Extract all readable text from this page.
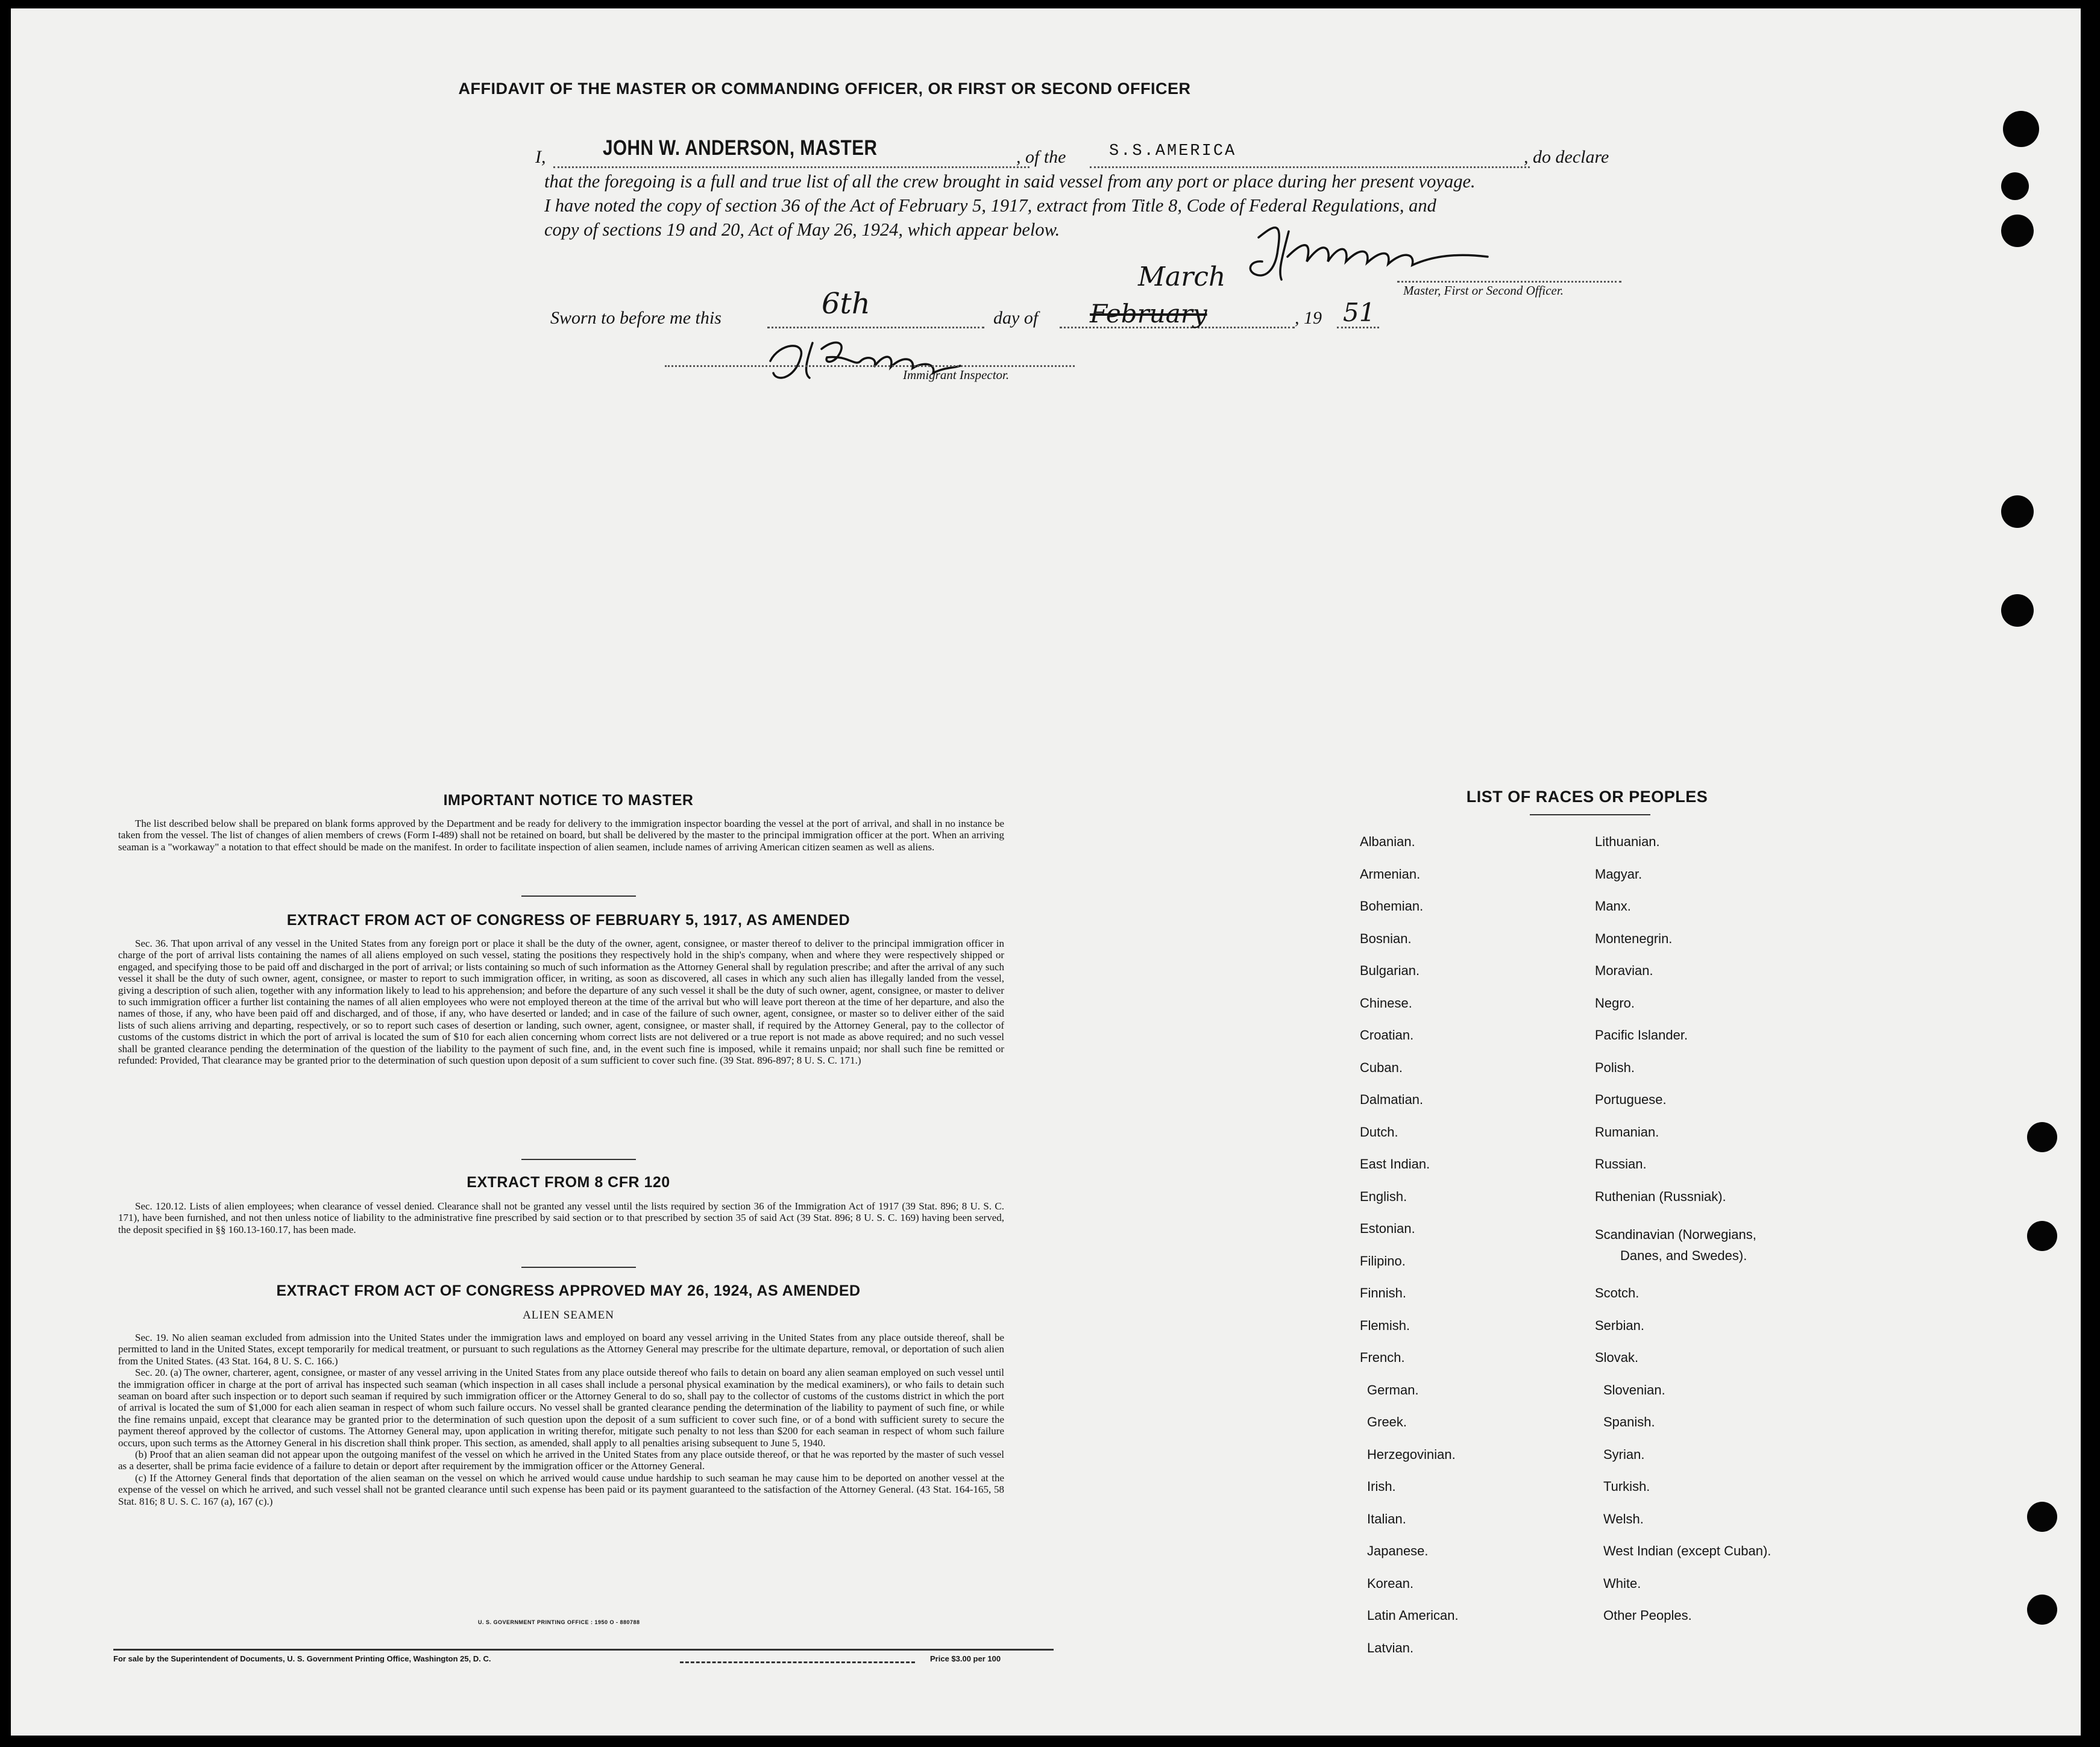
AFFIDAVIT OF THE MASTER OR COMMANDING OFFICER, OR FIRST OR SECOND OFFICER
I,	JOHN W. ANDERSON, MASTER	, of the	S.S.AMERICA	, do declare
that the foregoing is a full and true list of all the crew brought in said vessel from any port or place during her present voyage.
I have noted the copy of section 36 of the Act of February 5, 1917, extract from Title 8, Code of Federal Regulations, and
copy of sections 19 and 20, Act of May 26, 1924, which appear below.
Master, First or Second Officer.
Sworn to before me this	6th	day of
March
February	, 19 51
Immigrant Inspector.
IMPORTANT NOTICE TO MASTER

The list described below shall be prepared on blank forms approved by the Department and be ready for delivery to the immigration inspector boarding the vessel at the port of arrival, and shall in no instance be taken from the vessel. The list of changes of alien members of crews (Form I-489) shall not be retained on board, but shall be delivered by the master to the principal immigration officer at the port. When an arriving seaman is a "workaway" a notation to that effect should be made on the manifest. In order to facilitate inspection of alien seamen, include names of arriving American citizen seamen as well as aliens.

EXTRACT FROM ACT OF CONGRESS OF FEBRUARY 5, 1917, AS AMENDED

Sec. 36. That upon arrival of any vessel in the United States from any foreign port or place it shall be the duty of the owner, agent, consignee, or master thereof to deliver to the principal immigration officer in charge of the port of arrival lists containing the names of all aliens employed on such vessel, stating the positions they respectively hold in the ship's company, when and where they were respectively shipped or engaged, and specifying those to be paid off and discharged in the port of arrival; or lists containing so much of such information as the Attorney General shall by regulation prescribe; and after the arrival of any such vessel it shall be the duty of such owner, agent, consignee, or master to report to such immigration officer, in writing, as soon as discovered, all cases in which any such alien has illegally landed from the vessel, giving a description of such alien, together with any information likely to lead to his apprehension; and before the departure of any such vessel it shall be the duty of such owner, agent, consignee, or master to deliver to such immigration officer a further list containing the names of all alien employees who were not employed thereon at the time of the arrival but who will leave port thereon at the time of her departure, and also the names of those, if any, who have been paid off and discharged, and of those, if any, who have deserted or landed; and in case of the failure of such owner, agent, consignee, or master so to deliver either of the said lists of such aliens arriving and departing, respectively, or so to report such cases of desertion or landing, such owner, agent, consignee, or master shall, if required by the Attorney General, pay to the collector of customs of the customs district in which the port of arrival is located the sum of $10 for each alien concerning whom correct lists are not delivered or a true report is not made as above required; and no such vessel shall be granted clearance pending the determination of the question of the liability to the payment of such fine, and, in the event such fine is imposed, while it remains unpaid; nor shall such fine be remitted or refunded: Provided, That clearance may be granted prior to the determination of such question upon deposit of a sum sufficient to cover such fine. (39 Stat. 896-897; 8 U. S. C. 171.)

EXTRACT FROM 8 CFR 120

Sec. 120.12. Lists of alien employees; when clearance of vessel denied. Clearance shall not be granted any vessel until the lists required by section 36 of the Immigration Act of 1917 (39 Stat. 896; 8 U. S. C. 171), have been furnished, and not then unless notice of liability to the administrative fine prescribed by said section or to that prescribed by section 35 of said Act (39 Stat. 896; 8 U. S. C. 169) having been served, the deposit specified in §§ 160.13-160.17, has been made.

EXTRACT FROM ACT OF CONGRESS APPROVED MAY 26, 1924, AS AMENDED
ALIEN SEAMEN

Sec. 19. No alien seaman excluded from admission into the United States under the immigration laws and employed on board any vessel arriving in the United States from any place outside thereof, shall be permitted to land in the United States, except temporarily for medical treatment, or pursuant to such regulations as the Attorney General may prescribe for the ultimate departure, removal, or deportation of such alien from the United States. (43 Stat. 164, 8 U. S. C. 166.)

Sec. 20. (a) The owner, charterer, agent, consignee, or master of any vessel arriving in the United States from any place outside thereof who fails to detain on board any alien seaman employed on such vessel until the immigration officer in charge at the port of arrival has inspected such seaman (which inspection in all cases shall include a personal physical examination by the medical examiners), or who fails to detain such seaman on board after such inspection or to deport such seaman if required by such immigration officer or the Attorney General to do so, shall pay to the collector of customs of the customs district in which the port of arrival is located the sum of $1,000 for each alien seaman in respect of whom such failure occurs. No vessel shall be granted clearance pending the determination of the liability to payment of such fine, or while the fine remains unpaid, except that clearance may be granted prior to the determination of such question upon the deposit of a sum sufficient to cover such fine, or of a bond with sufficient surety to secure the payment thereof approved by the collector of customs. The Attorney General may, upon application in writing therefor, mitigate such penalty to not less than $200 for each seaman in respect of whom such failure occurs, upon such terms as the Attorney General in his discretion shall think proper. This section, as amended, shall apply to all penalties arising subsequent to June 5, 1940.

(b) Proof that an alien seaman did not appear upon the outgoing manifest of the vessel on which he arrived in the United States from any place outside thereof, or that he was reported by the master of such vessel as a deserter, shall be prima facie evidence of a failure to detain or deport after requirement by the immigration officer or the Attorney General.

(c) If the Attorney General finds that deportation of the alien seaman on the vessel on which he arrived would cause undue hardship to such seaman he may cause him to be deported on another vessel at the expense of the vessel on which he arrived, and such vessel shall not be granted clearance until such expense has been paid or its payment guaranteed to the satisfaction of the Attorney General. (43 Stat. 164-165, 58 Stat. 816; 8 U. S. C. 167 (a), 167 (c).)

U. S. GOVERNMENT PRINTING OFFICE : 1950 O - 880788
For sale by the Superintendent of Documents, U. S. Government Printing Office, Washington 25, D. C.	Price $3.00 per 100
LIST OF RACES OR PEOPLES
Albanian.
Armenian.
Bohemian.
Bosnian.
Bulgarian.
Chinese.
Croatian.
Cuban.
Dalmatian.
Dutch.
East Indian.
English.
Estonian.
Filipino.
Finnish.
Flemish.
French.
German.
Greek.
Herzegovinian.
Irish.
Italian.
Japanese.
Korean.
Latin American.
Latvian.
Lithuanian.
Magyar.
Manx.
Montenegrin.
Moravian.
Negro.
Pacific Islander.
Polish.
Portuguese.
Rumanian.
Russian.
Ruthenian (Russniak).
Scandinavian (Norwegians,
Danes, and Swedes).
Scotch.
Serbian.
Slovak.
Slovenian.
Spanish.
Syrian.
Turkish.
Welsh.
West Indian (except Cuban).
White.
Other Peoples.
